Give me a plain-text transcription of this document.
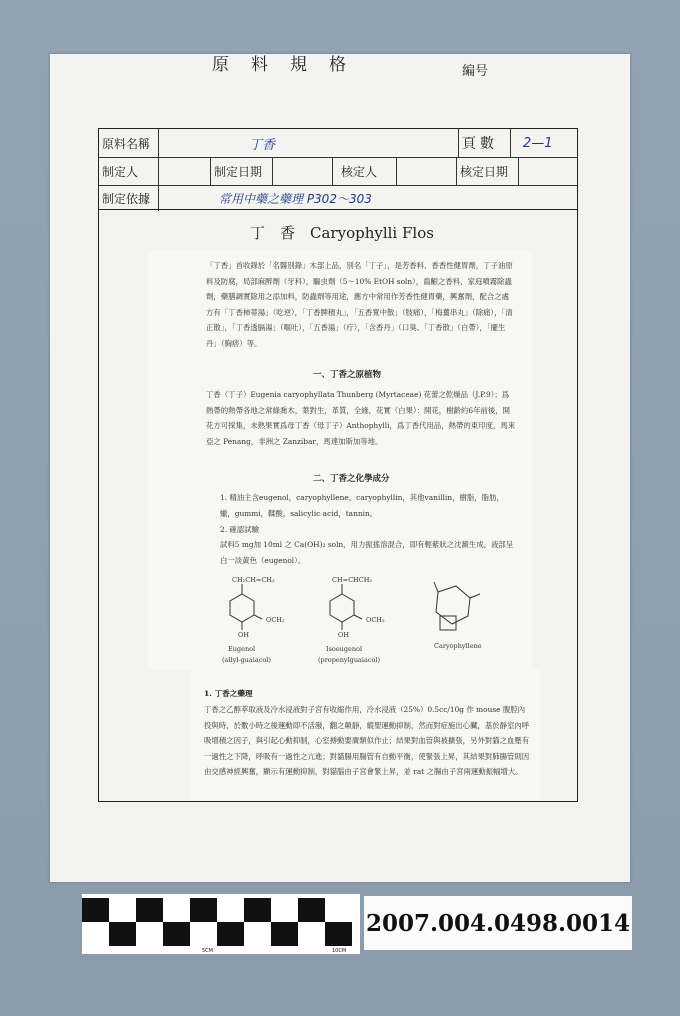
原料規格	編号
原料名稱	丁香	頁數	2—1
制定人	制定日期	核定人	核定日期
制定依據	常用中藥之藥理 P302～303
丁　香　Caryophylli Flos
「丁香」首收錄於「名醫別錄」木部上品，別名「丁子」，是芳香料、香香性健胃劑，丁子油原料及防腐，局部麻醉劑（牙科），驅虫劑（5～10% EtOH soln），齒齦之香料，家庭噴霧除蟲劑，藥膳調實除用之添加料，防蟲劑等用途，應方中常用作芳香性健胃藥，興奮劑，配合之處方有「丁香柿蒂湯」（吃逆），「丁香脾積丸」，「五香寬中散」（肢痛），「梅薑串丸」（除痛），「清正散」，「丁香透膈湯」（嘔吐），「五香湯」（疔），「含香丹」（口臭、「丁香散」（白帶），「擺生丹」（胸痞）等。
一、丁香之原植物
丁香（丁子）Eugenia caryophyllata Thunberg (Myrtaceae) 花蕾之乾燥品（J.P.9）；爲熱帶的熱帶各地之常綠喬木，葉對生，革質，全緣，花實（白果）：開花，樹齡約6年前後，開花方可採集，未熟果實爲母丁香（母丁子）Anthophylli，爲丁香代用品，熱帶的東印度，馬來亞之 Penang，非洲之 Zanzibar，馬達加斯加等地。
二、丁香之化學成分
1. 精油主含eugenol，caryophyllene，caryophyllin，其他vanillin，樹脂，脂肪，蠟，gummi，鞣酸，salicylic acid，tannin。
2. 確認試驗
試料5 mg加 10ml 之 Ca(OH)₂ soln，用力振搖溶混合，即有輕紫狀之沈澱生成，液部呈白一淡黃色（eugenol）。
CH₂CH=CH₂
OCH₃
OH
Eugenol
(allyl-guaiacol)
CH=CHCH₃
OCH₃
OH
Isoeugenol
(propenylguaiacol)
Caryophyllene
1. 丁香之藥理
丁香之乙醇萃取液及冷水浸液對子宮有收縮作用，冷水浸液（25%）0.5cc/10g 作 mouse 腹腔內投與時，於數小時之後運動即不活潑，翻之顛靜，縱聖運動抑制，然而對症施出心臟，基於靜室內呼吸增積之因子，與引起心動抑制，心室搏動要廣類似作止；結果對血管與被擴張，另外對貓之血壓有一過性之下降，呼吸有一過性之亢進；對貓腸用腸管有自動平衡，使緊張上昇，其結果對肺腸管則因由交感神經興奮，顯示有運動抑制，對貓腦由子宮會緊上昇，並 rat 之腸由子宮兩運動振幅增大。
0CM	5CM	10CM
2007.004.0498.0014
